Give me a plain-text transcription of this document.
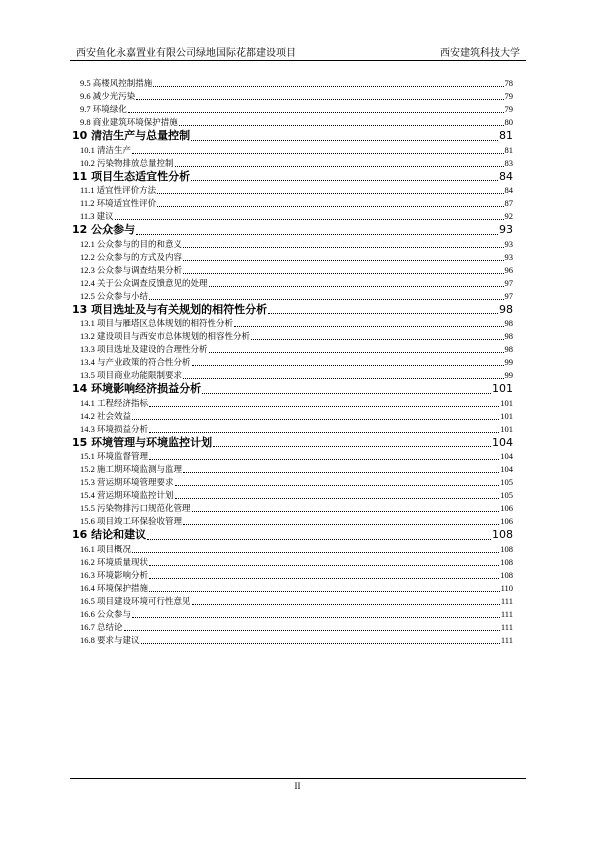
西安鱼化永嘉置业有限公司绿地国际花都建设项目	西安建筑科技大学
9.5 高楼风控制措施	78
9.6 减少光污染	79
9.7 环境绿化	79
9.8 商业建筑环境保护措施	80
10 清洁生产与总量控制	81
10.1 清洁生产	81
10.2 污染物排放总量控制	83
11 项目生态适宜性分析	84
11.1 适宜性评价方法	84
11.2 环境适宜性评价	87
11.3 建议	92
12 公众参与	93
12.1 公众参与的目的和意义	93
12.2 公众参与的方式及内容	93
12.3 公众参与调查结果分析	96
12.4 关于公众调查反馈意见的处理	97
12.5 公众参与小结	97
13 项目选址及与有关规划的相符性分析	98
13.1 项目与雁塔区总体规划的相符性分析	98
13.2 建设项目与西安市总体规划的相容性分析	98
13.3 项目选址及建设的合理性分析	98
13.4 与产业政策的符合性分析	99
13.5 项目商业功能限制要求	99
14 环境影响经济损益分析	101
14.1 工程经济指标	101
14.2 社会效益	101
14.3 环境损益分析	101
15 环境管理与环境监控计划	104
15.1 环境监督管理	104
15.2 施工期环境监测与监理	104
15.3 营运期环境管理要求	105
15.4 营运期环境监控计划	105
15.5 污染物排污口规范化管理	106
15.6 项目竣工环保验收管理	106
16 结论和建议	108
16.1 项目概况	108
16.2 环境质量现状	108
16.3 环境影响分析	108
16.4 环境保护措施	110
16.5 项目建设环境可行性意见	111
16.6 公众参与	111
16.7 总结论	111
16.8 要求与建议	111
II
